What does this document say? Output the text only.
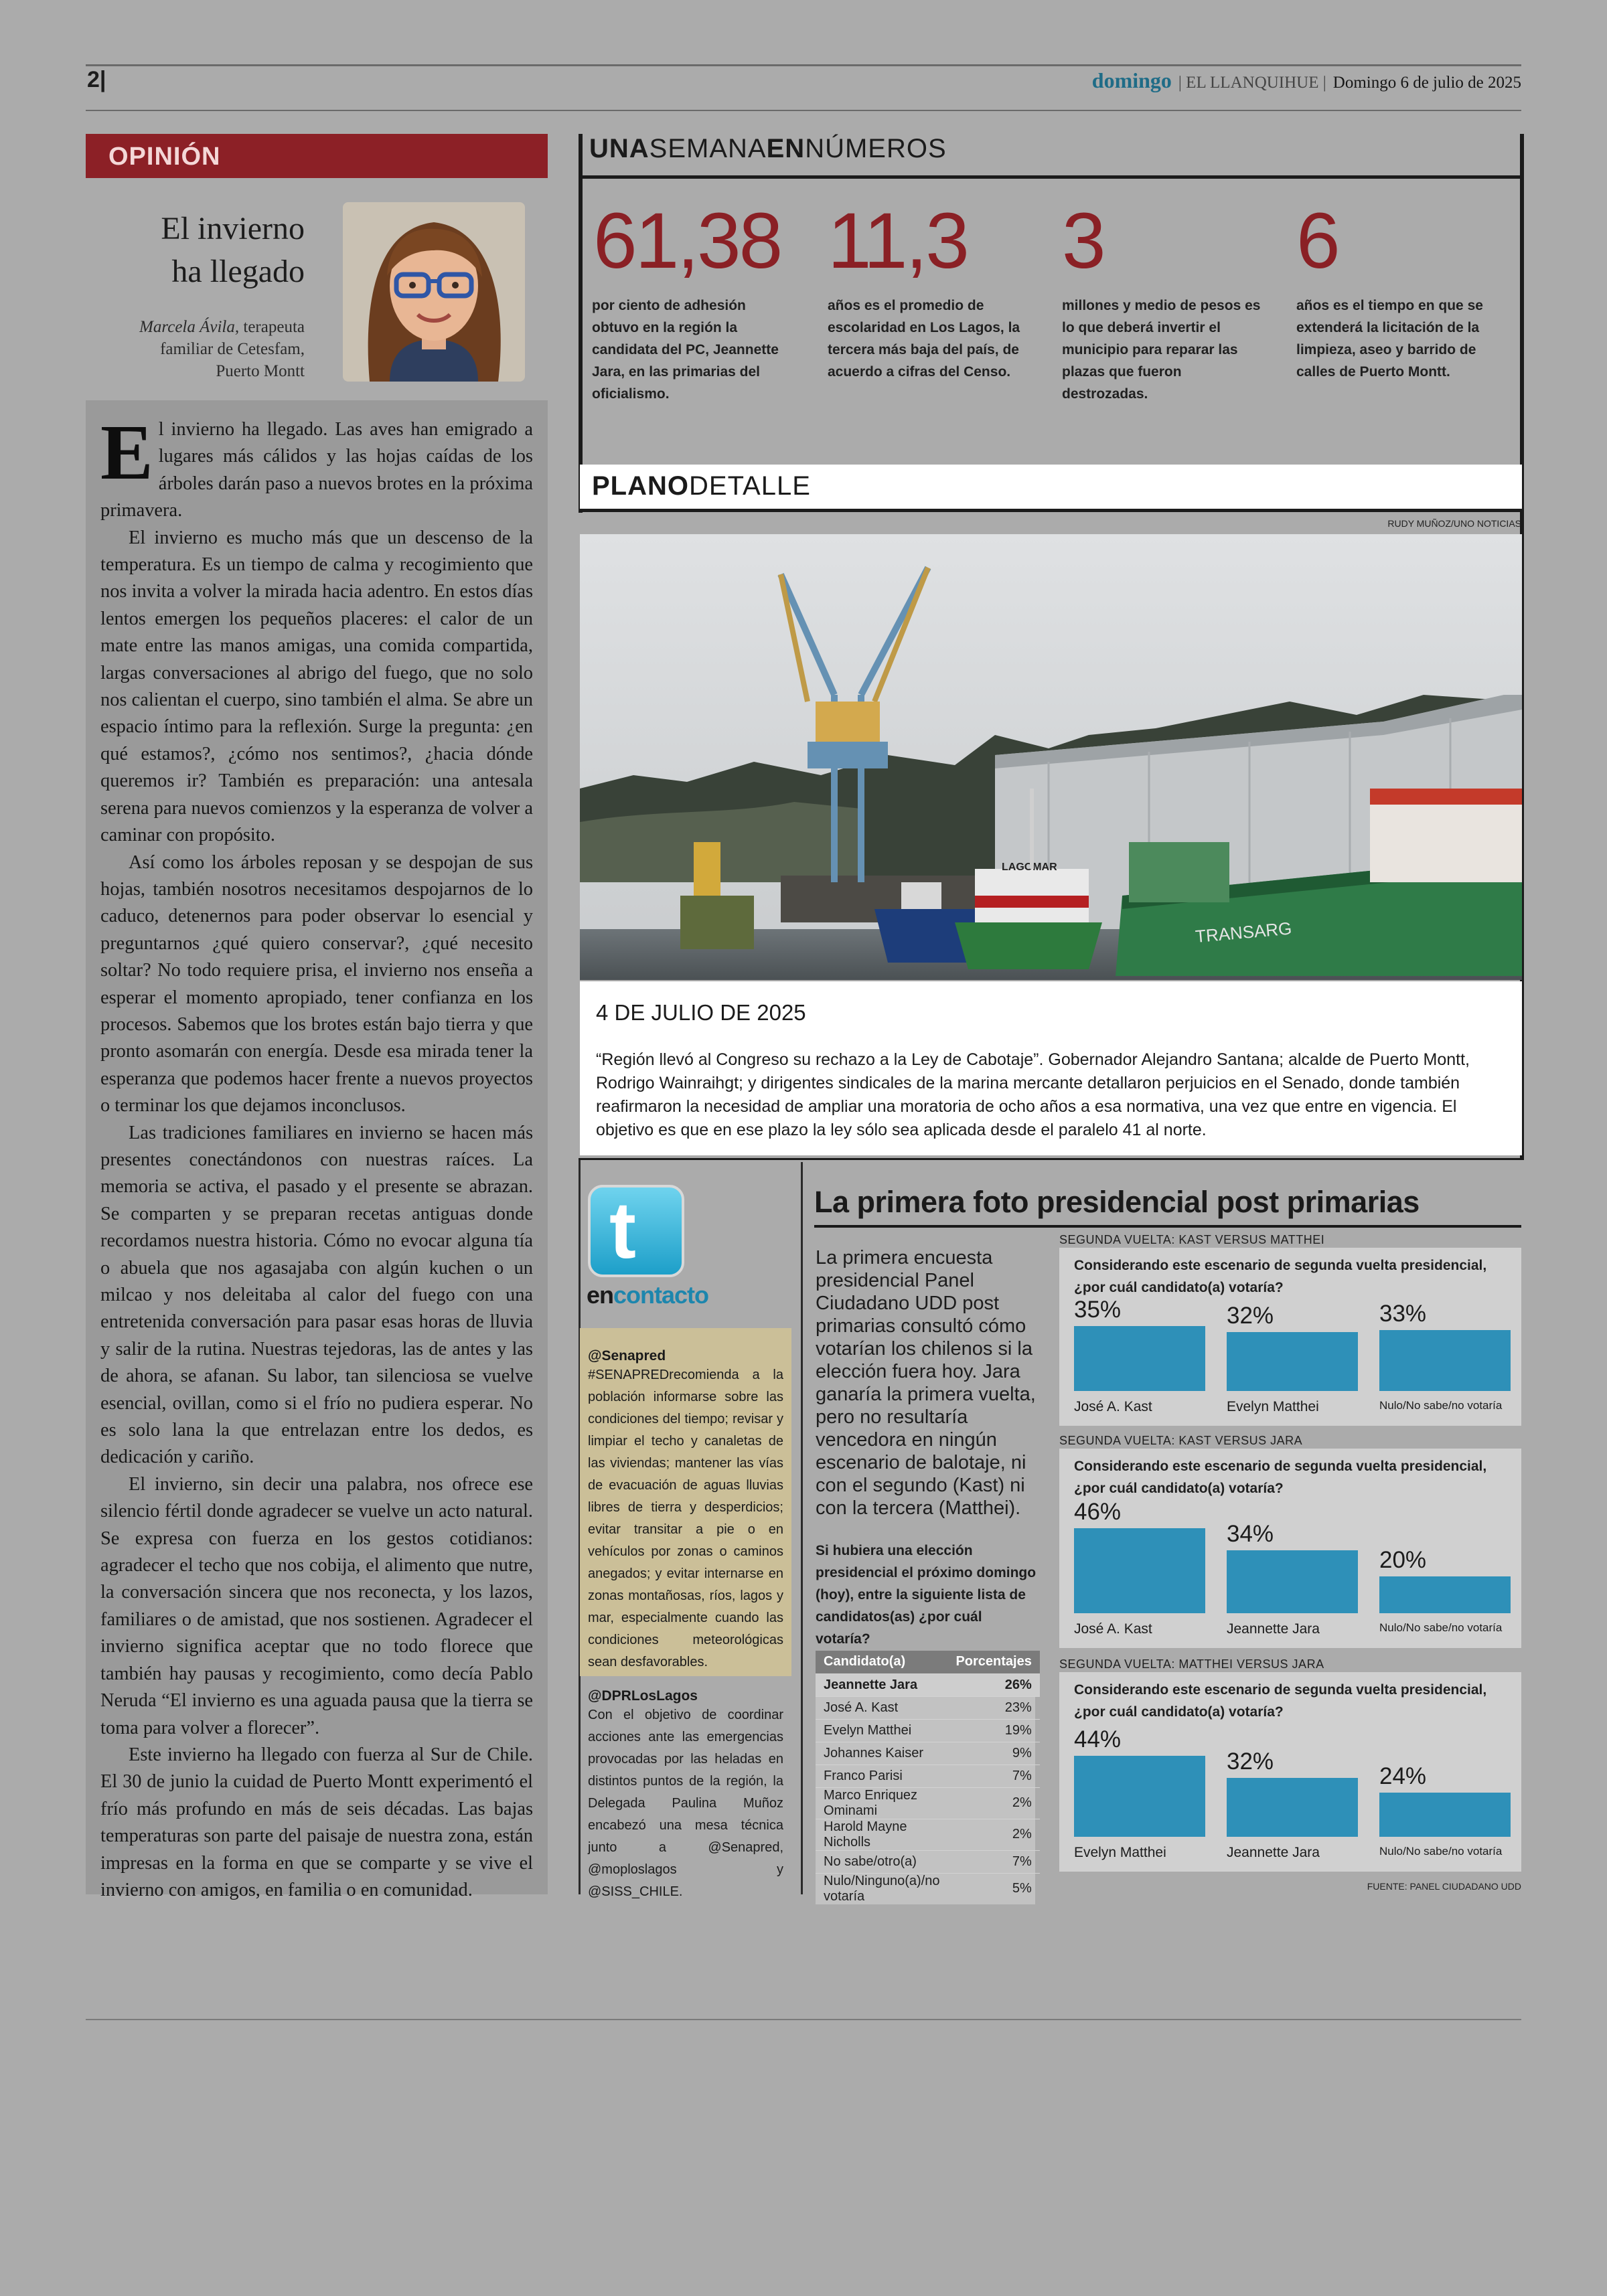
2|	domingo | EL LLANQUIHUE | Domingo 6 de julio de 2025
OPINIÓN
El invierno
ha llegado
Marcela Ávila, terapeuta
familiar de Cetesfam,
Puerto Montt

El invierno ha llegado. Las aves han emigrado a lugares más cálidos y las hojas caídas de los árboles darán paso a nuevos brotes en la próxima primavera.

El invierno es mucho más que un descenso de la temperatura. Es un tiempo de calma y recogimiento que nos invita a volver la mirada hacia adentro. En estos días lentos emergen los pequeños placeres: el calor de un mate entre las manos amigas, una comida compartida, largas conversaciones al abrigo del fuego, que no solo nos calientan el cuerpo, sino también el alma. Se abre un espacio íntimo para la reflexión. Surge la pregunta: ¿en qué estamos?, ¿cómo nos sentimos?, ¿hacia dónde queremos ir? También es preparación: una antesala serena para nuevos comienzos y la esperanza de volver a caminar con propósito.

Así como los árboles reposan y se despojan de sus hojas, también nosotros necesitamos despojarnos de lo caduco, detenernos para poder observar lo esencial y preguntarnos ¿qué quiero conservar?, ¿qué necesito soltar? No todo requiere prisa, el invierno nos enseña a esperar el momento apropiado, tener confianza en los procesos. Sabemos que los brotes están bajo tierra y que pronto asomarán con energía. Desde esa mirada tener la esperanza que podemos hacer frente a nuevos proyectos o terminar los que dejamos inconclusos.

Las tradiciones familiares en invierno se hacen más presentes conectándonos con nuestras raíces. La memoria se activa, el pasado y el presente se abrazan. Se comparten y se preparan recetas antiguas donde recordamos nuestra historia. Cómo no evocar alguna tía o abuela que nos agasajaba con algún kuchen o un milcao y nos deleitaba al calor del fuego con una entretenida conversación para pasar esas horas de lluvia y salir de la rutina. Nuestras tejedoras, las de antes y las de ahora, se afanan. Su labor, tan silenciosa se vuelve esencial, ovillan, como si el frío no pudiera esperar. No es solo lana la que entrelazan entre los dedos, es dedicación y cariño.

El invierno, sin decir una palabra, nos ofrece ese silencio fértil donde agradecer se vuelve un acto natural. Se expresa con fuerza en los gestos cotidianos: agradecer el techo que nos cobija, el alimento que nutre, la conversación sincera que nos reconecta, y los lazos, familiares o de amistad, que nos sostienen. Agradecer el invierno significa aceptar que no todo florece que también hay pausas y recogimiento, como decía Pablo Neruda “El invierno es una aguada pausa que la tierra se toma para volver a florecer”.

Este invierno ha llegado con fuerza al Sur de Chile. El 30 de junio la cuidad de Puerto Montt experimentó el frío más profundo en más de seis décadas. Las bajas temperaturas son parte del paisaje de nuestra zona, están impresas en la forma en que se comparte y se vive el invierno con amigos, en familia o en comunidad.

UNASEMANAENNÚMEROS
61,38
por ciento de adhesión obtuvo en la región la candidata del PC, Jeannette Jara, en las primarias del oficialismo.
11,3
años es el promedio de escolaridad en Los Lagos, la tercera más baja del país, de acuerdo a cifras del Censo.
3
millones y medio de pesos es lo que deberá invertir el municipio para reparar las plazas que fueron destrozadas.
6
años es el tiempo en que se extenderá la licitación de la limpieza, aseo y barrido de calles de Puerto Montt.
PLANODETALLE
RUDY MUÑOZ/UNO NOTICIAS
LAGOMAR
TRANSARG
4 DE JULIO DE 2025
“Región llevó al Congreso su rechazo a la Ley de Cabotaje”. Gobernador Alejandro Santana; alcalde de Puerto Montt, Rodrigo Wainraihgt; y dirigentes sindicales de la marina mercante detallaron perjuicios en el Senado, donde también reafirmaron la necesidad de ampliar una moratoria de ocho años a esa normativa, una vez que entre en vigencia. El objetivo es que en ese plazo la ley sólo sea aplicada desde el paralelo 41 al norte.
t
encontacto
@Senapred
#SENAPREDrecomienda a la población informarse sobre las condiciones del tiempo; revisar y limpiar el techo y canaletas de las viviendas; mantener las vías de evacuación de aguas lluvias libres de tierra y desperdicios; evitar transitar a pie o en vehículos por zonas o caminos anegados; y evitar internarse en zonas montañosas, ríos, lagos y mar, especialmente cuando las condiciones meteorológicas sean desfavorables.
@DPRLosLagos
Con el objetivo de coordinar acciones ante las emergencias provocadas por las heladas en distintos puntos de la región, la Delegada Paulina Muñoz encabezó una mesa técnica junto a @Senapred, @moploslagos y @SISS_CHILE.
La primera foto presidencial post primarias
La primera encuesta presidencial Panel Ciudadano UDD post primarias consultó cómo votarían los chilenos si la elección fuera hoy. Jara ganaría la primera vuelta, pero no resultaría vencedora en ningún escenario de balotaje, ni con el segundo (Kast) ni con la tercera (Matthei).
Si hubiera una elección presidencial el próximo domingo (hoy), entre la siguiente lista de candidatos(as) ¿por cuál votaría?
Candidato(a)	Porcentajes
Jeannette Jara	26%
José A. Kast	23%
Evelyn Matthei	19%
Johannes Kaiser	9%
Franco Parisi	7%
Marco Enriquez Ominami	2%
Harold Mayne Nicholls	2%
No sabe/otro(a)	7%
Nulo/Ninguno(a)/no votaría	5%
SEGUNDA VUELTA: KAST VERSUS MATTHEI
Considerando este escenario de segunda vuelta presidencial, ¿por cuál candidato(a) votaría?
35%
José A. Kast
32%
Evelyn Matthei
33%
Nulo/No sabe/no votaría
SEGUNDA VUELTA: KAST VERSUS JARA
Considerando este escenario de segunda vuelta presidencial, ¿por cuál candidato(a) votaría?
46%
José A. Kast
34%
Jeannette Jara
20%
Nulo/No sabe/no votaría
SEGUNDA VUELTA: MATTHEI VERSUS JARA
Considerando este escenario de segunda vuelta presidencial, ¿por cuál candidato(a) votaría?
44%
Evelyn Matthei
32%
Jeannette Jara
24%
Nulo/No sabe/no votaría
FUENTE: PANEL CIUDADANO UDD
